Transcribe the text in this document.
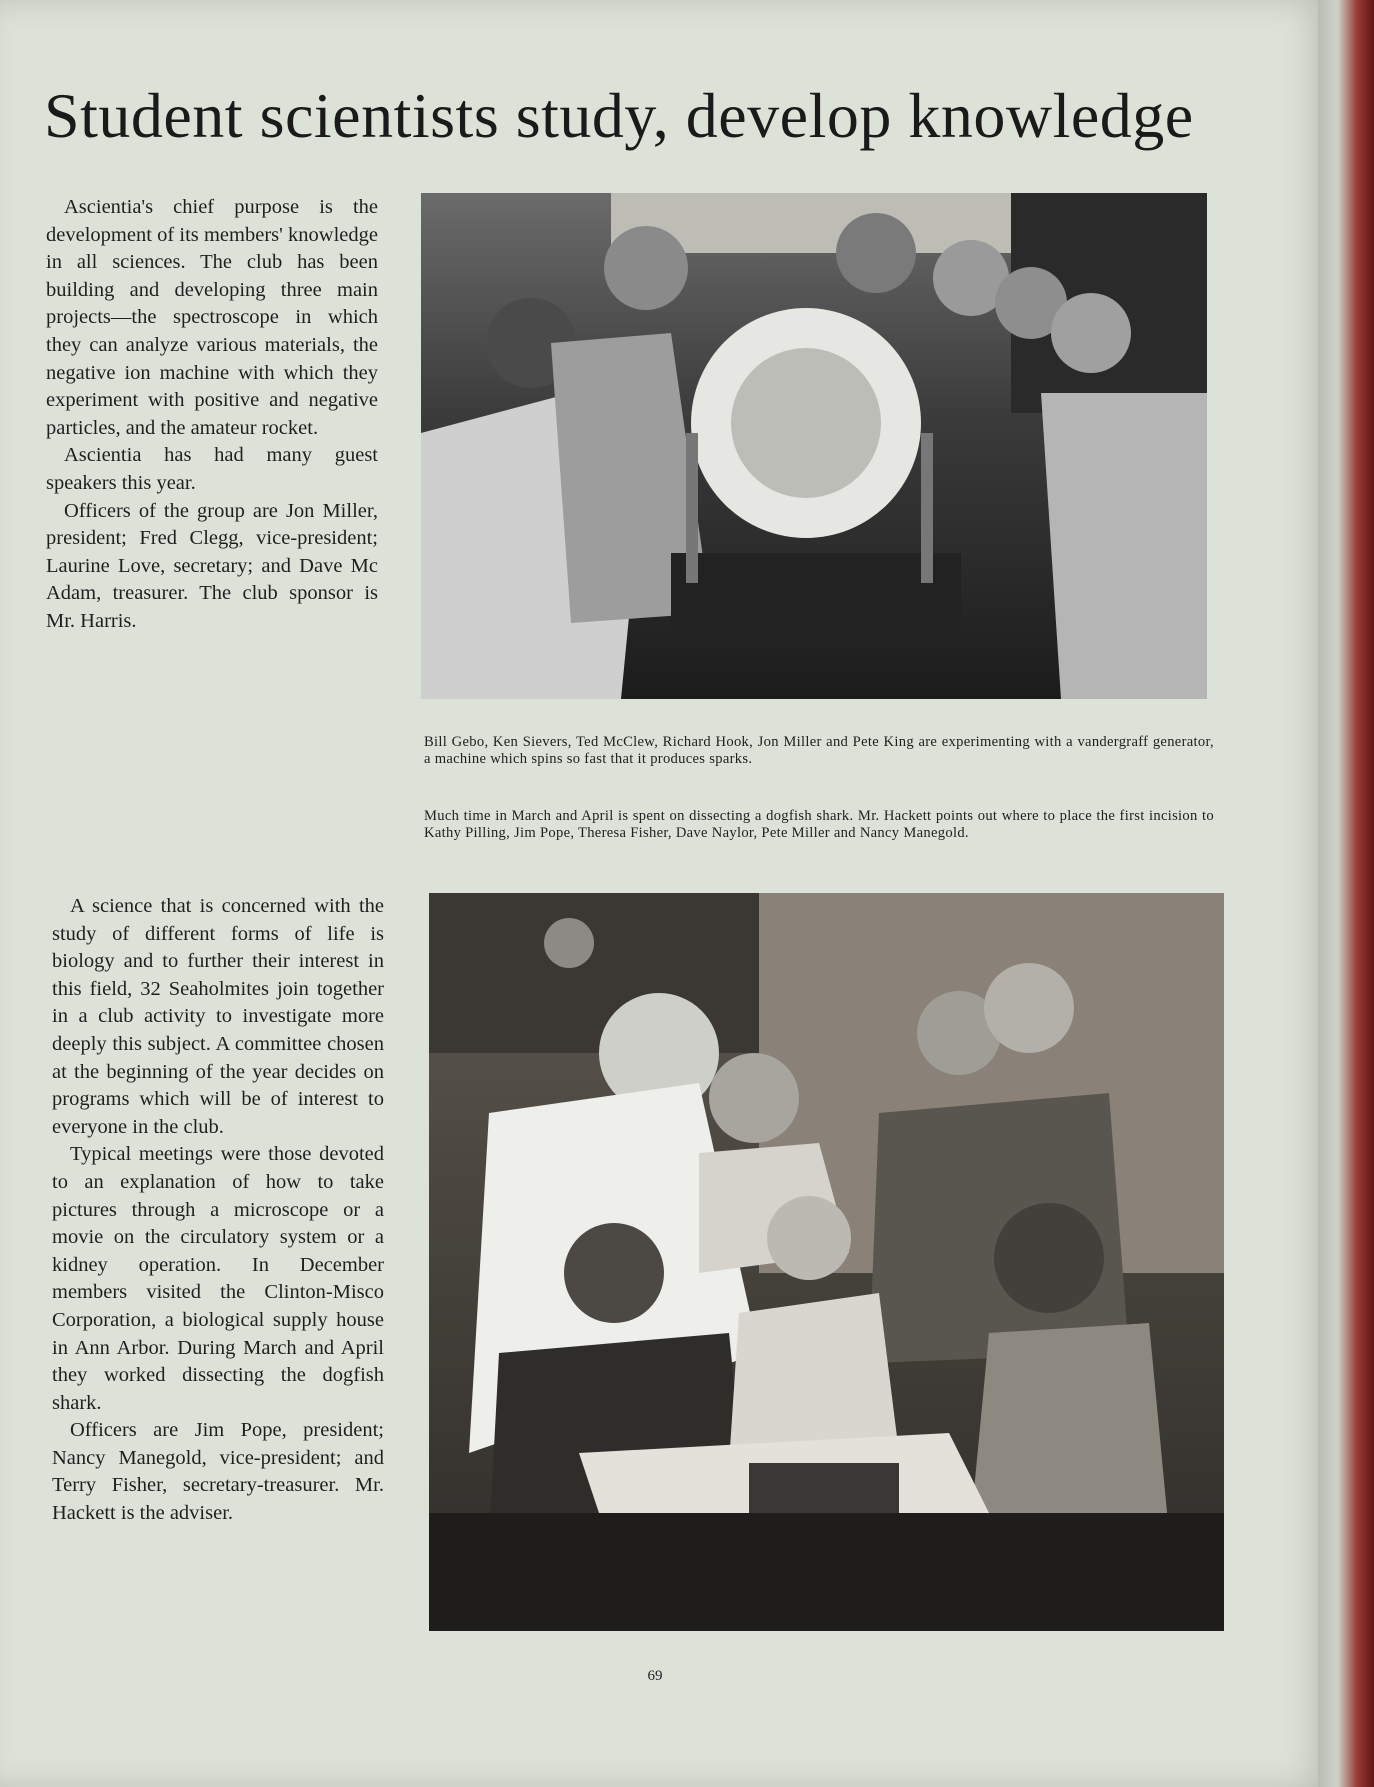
Student scientists study, develop knowledge

Ascientia's chief purpose is the development of its members' knowledge in all sciences. The club has been building and developing three main projects—the spectroscope in which they can analyze various materials, the negative ion machine with which they experiment with positive and negative particles, and the amateur rocket.

Ascientia has had many guest speakers this year.

Officers of the group are Jon Miller, president; Fred Clegg, vice-president; Laurine Love, secretary; and Dave Mc Adam, treasurer. The club sponsor is Mr. Harris.

Bill Gebo, Ken Sievers, Ted McClew, Richard Hook, Jon Miller and Pete King are experimenting with a vandergraff generator, a machine which spins so fast that it produces sparks.
Much time in March and April is spent on dissecting a dogfish shark. Mr. Hackett points out where to place the first incision to Kathy Pilling, Jim Pope, Theresa Fisher, Dave Naylor, Pete Miller and Nancy Manegold.

A science that is concerned with the study of different forms of life is biology and to further their interest in this field, 32 Seaholmites join together in a club activity to investigate more deeply this subject. A committee chosen at the beginning of the year decides on programs which will be of interest to everyone in the club.

Typical meetings were those devoted to an explanation of how to take pictures through a microscope or a movie on the circulatory system or a kidney operation. In December members visited the Clinton-Misco Corporation, a biological supply house in Ann Arbor. During March and April they worked dissecting the dogfish shark.

Officers are Jim Pope, president; Nancy Manegold, vice-president; and Terry Fisher, secretary-treasurer. Mr. Hackett is the adviser.

69
